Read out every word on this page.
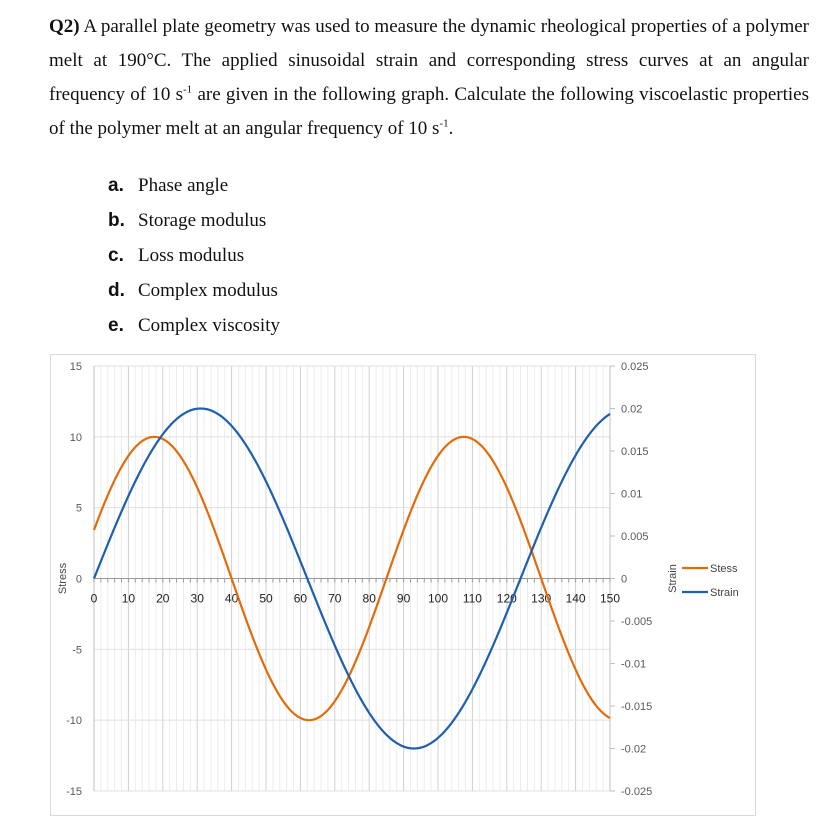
Q2) A parallel plate geometry was used to measure the dynamic rheological properties of a polymer melt at 190°C. The applied sinusoidal strain and corresponding stress curves at an angular frequency of 10 $s^{-1}$ are given in the following graph. Calculate the following viscoelastic properties of the polymer melt at an angular frequency of 10 $s^{-1}$.
a. Phase angle
b. Storage modulus
c. Loss modulus
d. Complex modulus
e. Complex viscosity
0.025
0.02
0.015
0.01
0.005
0
-0.005
-0.01
-0.015
-0.02
-0.025
15
10
5
0
-5
-10
-15
0 10 20 30 40 50 60 70 80 90 100 110 120 130 140 150
Stress	Strain	Stess
Strain
